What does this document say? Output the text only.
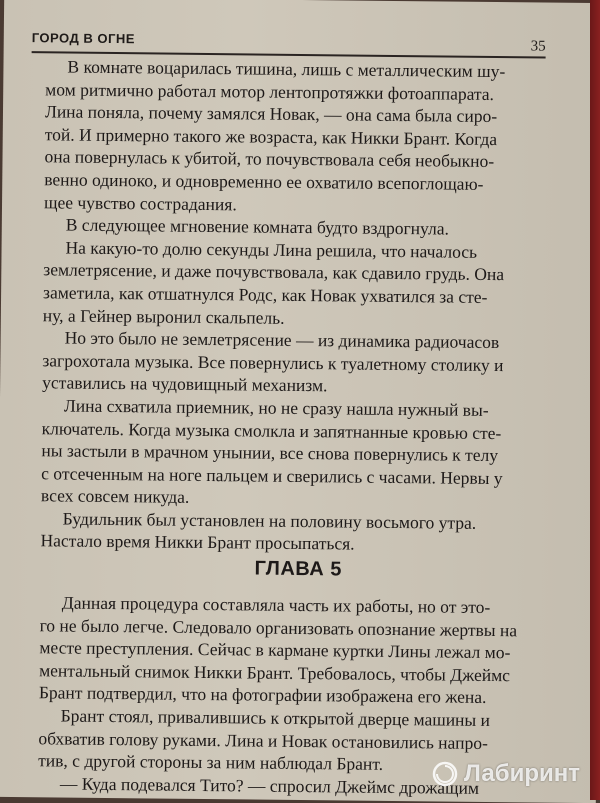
ГОРОД В ОГНЕ
35
В комнате воцарилась тишина, лишь с металлическим шу-
мом ритмично работал мотор лентопротяжки фотоаппарата.
Лина поняла, почему замялся Новак, — она сама была сиро-
той. И примерно такого же возраста, как Никки Брант. Когда
она повернулась к убитой, то почувствовала себя необыкно-
венно одиноко, и одновременно ее охватило всепоглощаю-
щее чувство сострадания.
В следующее мгновение комната будто вздрогнула.
На какую-то долю секунды Лина решила, что началось
землетрясение, и даже почувствовала, как сдавило грудь. Она
заметила, как отшатнулся Родс, как Новак ухватился за сте-
ну, а Гейнер выронил скальпель.
Но это было не землетрясение — из динамика радиочасов
загрохотала музыка. Все повернулись к туалетному столику и
уставились на чудовищный механизм.
Лина схватила приемник, но не сразу нашла нужный вы-
ключатель. Когда музыка смолкла и запятнанные кровью сте-
ны застыли в мрачном унынии, все снова повернулись к телу
с отсеченным на ноге пальцем и сверились с часами. Нервы у
всех совсем никуда.
Будильник был установлен на половину восьмого утра.
Настало время Никки Брант просыпаться.
ГЛАВА 5
Данная процедура составляла часть их работы, но от это-
го не было легче. Следовало организовать опознание жертвы на
месте преступления. Сейчас в кармане куртки Лины лежал мо-
ментальный снимок Никки Брант. Требовалось, чтобы Джеймс
Брант подтвердил, что на фотографии изображена его жена.
Брант стоял, привалившись к открытой дверце машины и
обхватив голову руками. Лина и Новак остановились напро-
тив, с другой стороны за ним наблюдал Брант.
— Куда подевался Тито? — спросил Джеймс дрожащим
Лабиринт
